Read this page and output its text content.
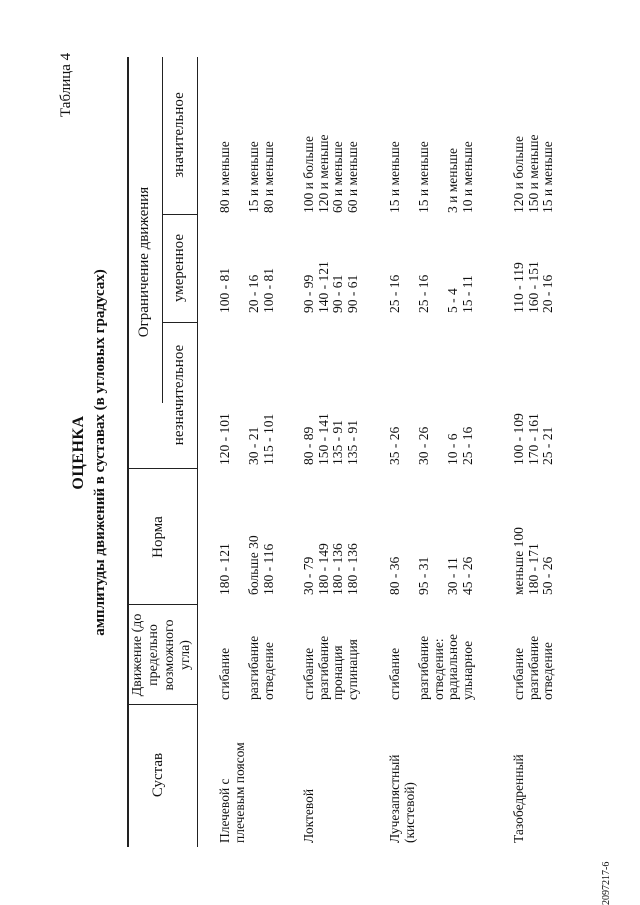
Таблица 4
ОЦЕНКА амплитуды движений в суставах (в угловых градусах)
Сустав
Движение (до предельно возможного угла)
Норма
Ограничение движения
незначительное
умеренное
значительное
Плечевой с плечевым поясом
сгибание
разгибание отведение
180 - 121
больше 30 180 - 116
120 - 101
30 - 21 115 - 101
100 - 81
20 - 16 100 - 81
80 и меньше
15 и меньше 80 и меньше
Локтевой
сгибание разгибание пронация супинация
30 - 79 180 - 149 180 - 136 180 - 136
80 - 89 150 - 141 135 - 91 135 - 91
90 - 99 140 - 121 90 - 61 90 - 61
100 и больше 120 и меньше 60 и меньше 60 и меньше
Лучезапястный (кистевой)
сгибание
разгибание отведение: радиальное ульнарное
80 - 36
95 - 31
30 - 11 45 - 26
35 - 26
30 - 26
10 - 6 25 - 16
25 - 16
25 - 16
5 - 4 15 - 11
15 и меньше
15 и меньше
3 и меньше 10 и меньше
Тазобедренный
сгибание разгибание отведение
меньше 100 180 - 171 50 - 26
100 - 109 170 - 161 25 - 21
110 - 119 160 - 151 20 - 16
120 и больше 150 и меньше 15 и меньше
2097217-6
